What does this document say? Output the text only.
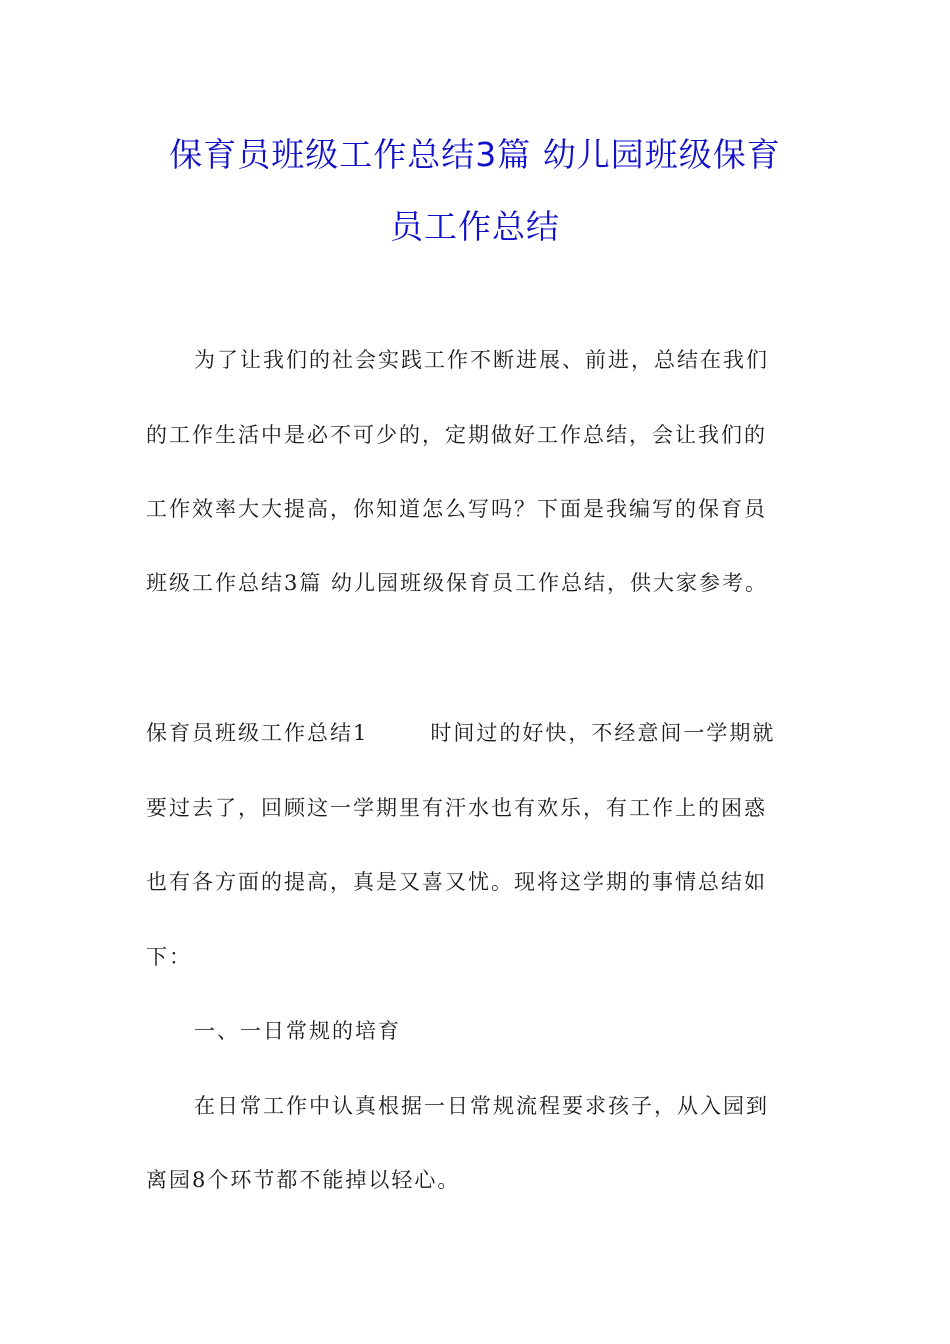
保育员班级工作总结3篇 幼儿园班级保育
员工作总结
为了让我们的社会实践工作不断进展、前进，总结在我们
的工作生活中是必不可少的，定期做好工作总结，会让我们的
工作效率大大提高，你知道怎么写吗？下面是我编写的保育员
班级工作总结3篇 幼儿园班级保育员工作总结，供大家参考。
保育员班级工作总结1	时间过的好快，不经意间一学期就
要过去了，回顾这一学期里有汗水也有欢乐，有工作上的困惑
也有各方面的提高，真是又喜又忧。现将这学期的事情总结如
下：
一、一日常规的培育
在日常工作中认真根据一日常规流程要求孩子，从入园到
离园8个环节都不能掉以轻心。
